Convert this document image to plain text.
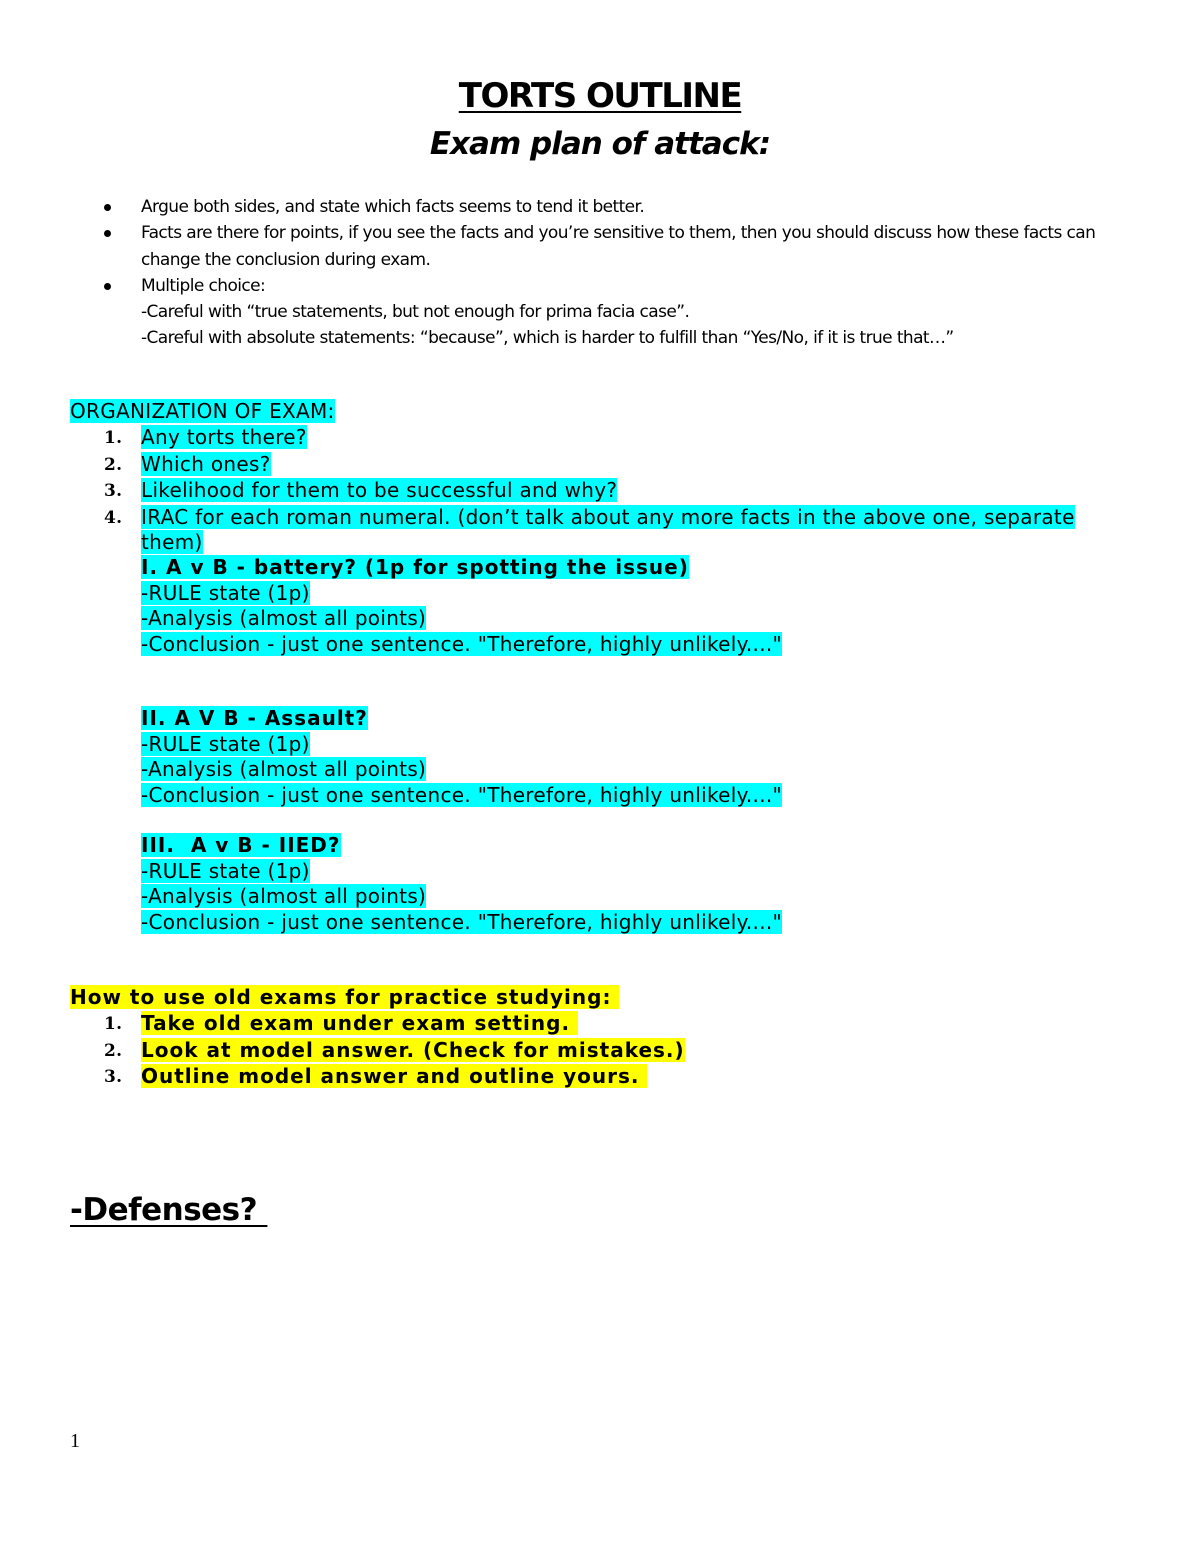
TORTS OUTLINE
Exam plan of attack:
Argue both sides, and state which facts seems to tend it better.
Facts are there for points, if you see the facts and you’re sensitive to them, then you should discuss how these facts can change the conclusion during exam.
Multiple choice:
-Careful with “true statements, but not enough for prima facia case”.
-Careful with absolute statements: “because”, which is harder to fulfill than “Yes/No, if it is true that…”
ORGANIZATION OF EXAM:
1. Any torts there?
2. Which ones?
3. Likelihood for them to be successful and why?
4. IRAC for each roman numeral. (don’t talk about any more facts in the above one, separate
them)
I. A v B - battery? (1p for spotting the issue)
-RULE state (1p)
-Analysis (almost all points)
-Conclusion - just one sentence. "Therefore, highly unlikely...."
II. A V B - Assault?
-RULE state (1p)
-Analysis (almost all points)
-Conclusion - just one sentence. "Therefore, highly unlikely...."
III.  A v B - IIED?
-RULE state (1p)
-Analysis (almost all points)
-Conclusion - just one sentence. "Therefore, highly unlikely...."
How to use old exams for practice studying:
1. Take old exam under exam setting.
2. Look at model answer. (Check for mistakes.)
3. Outline model answer and outline yours.
-Defenses?
1
